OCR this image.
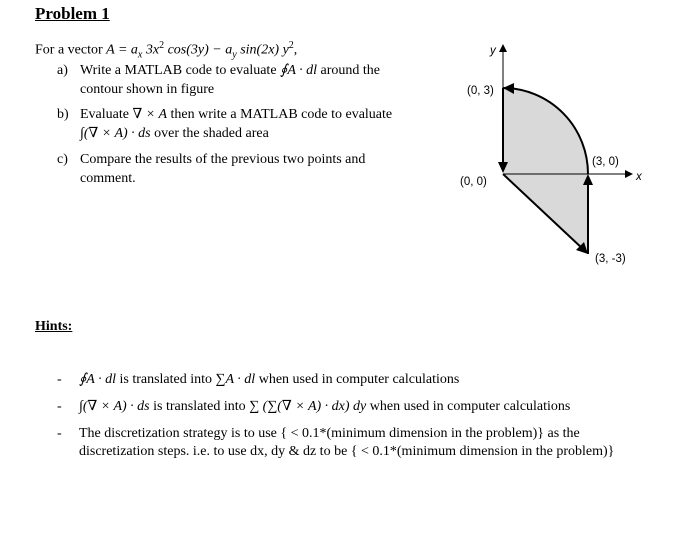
Problem 1
For a vector $A = a_x$ $3x^2$ $\cos(3y) - a_y$ sin(2x) $y^2$,
a) Write a MATLAB code to evaluate ∮A · dl around the
contour shown in figure
b) Evaluate ∇ × A then write a MATLAB code to evaluate
∫(∇ × A) · ds over the shaded area
c) Compare the results of the previous two points and
comment.
y
x
(0, 3)
(3, 0)
(0, 0)
(3, -3)
Hints:
- ∮A · dl is translated into ∑A · dl when used in computer calculations
- ∫(∇ × A) · ds is translated into ∑ (∑(∇ × A) · dx) dy when used in computer calculations
- The discretization strategy is to use { < 0.1*(minimum dimension in the problem)} as the
discretization steps. i.e. to use dx, dy & dz to be { < 0.1*(minimum dimension in the problem)}
